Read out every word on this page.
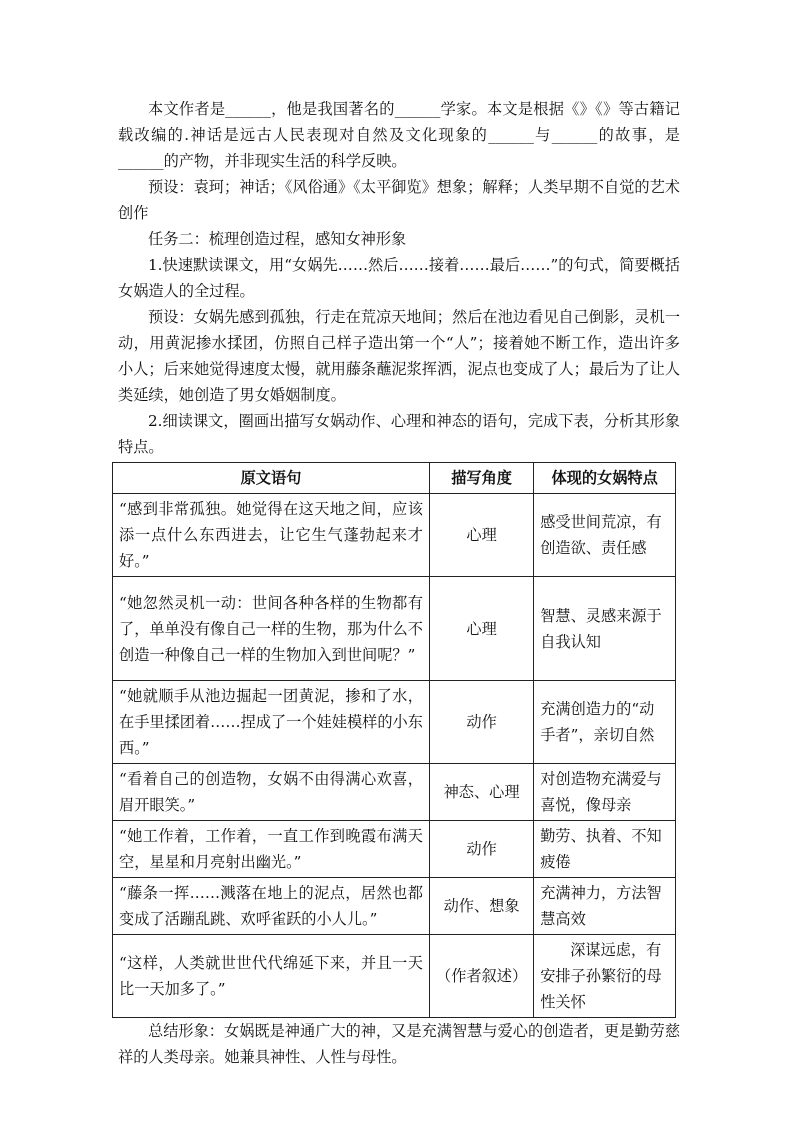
本文作者是______，他是我国著名的______学家。本文是根据《》《》等古籍记载改编的.神话是远古人民表现对自然及文化现象的______与______的故事，是______的产物，并非现实生活的科学反映。

预设：袁珂；神话；《风俗通》《太平御览》想象；解释；人类早期不自觉的艺术创作

任务二：梳理创造过程，感知女神形象

1.快速默读课文，用“女娲先……然后……接着……最后……”的句式，简要概括女娲造人的全过程。

预设：女娲先感到孤独，行走在荒凉天地间；然后在池边看见自己倒影，灵机一动，用黄泥掺水揉团，仿照自己样子造出第一个“人”；接着她不断工作，造出许多小人；后来她觉得速度太慢，就用藤条蘸泥浆挥洒，泥点也变成了人；最后为了让人类延续，她创造了男女婚姻制度。

2.细读课文，圈画出描写女娲动作、心理和神态的语句，完成下表，分析其形象特点。

原文语句	描写角度	体现的女娲特点
“感到非常孤独。她觉得在这天地之间，应该添一点什么东西进去，让它生气蓬勃起来才好。”	心理	感受世间荒凉，有创造欲、责任感
“她忽然灵机一动：世间各种各样的生物都有了，单单没有像自己一样的生物，那为什么不创造一种像自己一样的生物加入到世间呢？”	心理	智慧、灵感来源于自我认知
“她就顺手从池边掘起一团黄泥，掺和了水，在手里揉团着……捏成了一个娃娃模样的小东西。”	动作	充满创造力的“动手者”，亲切自然
“看着自己的创造物，女娲不由得满心欢喜，眉开眼笑。”	神态、心理	对创造物充满爱与喜悦，像母亲
“她工作着，工作着，一直工作到晚霞布满天空，星星和月亮射出幽光。”	动作	勤劳、执着、不知疲倦
“藤条一挥……溅落在地上的泥点，居然也都变成了活蹦乱跳、欢呼雀跃的小人儿。”	动作、想象	充满神力，方法智慧高效
“这样，人类就世世代代绵延下来，并且一天比一天加多了。”	（作者叙述）	深谋远虑，有安排子孙繁衍的母性关怀

总结形象：女娲既是神通广大的神，又是充满智慧与爱心的创造者，更是勤劳慈祥的人类母亲。她兼具神性、人性与母性。
